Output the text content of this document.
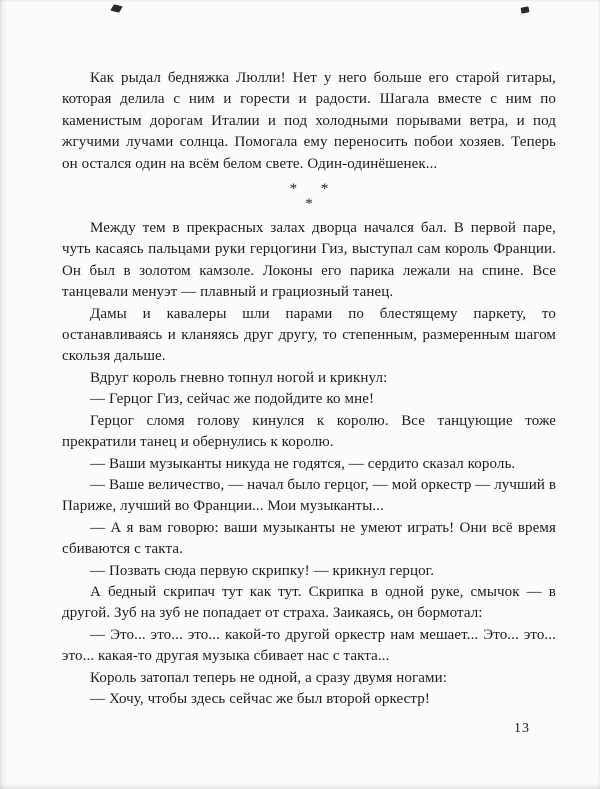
Как рыдал бедняжка Люлли! Нет у него больше его старой гитары, которая делила с ним и горести и радости. Шагала вместе с ним по каменистым дорогам Италии и под холодными порывами ветра, и под жгучими лучами солнца. Помогала ему переносить побои хозяев. Теперь он остался один на всём белом свете. Один-одинёшенек...

* *
*

Между тем в прекрасных залах дворца начался бал. В первой паре, чуть касаясь пальцами руки герцогини Гиз, выступал сам король Франции. Он был в золотом камзоле. Локоны его парика лежали на спине. Все танцевали менуэт — плавный и грациозный танец.

Дамы и кавалеры шли парами по блестящему паркету, то останавливаясь и кланяясь друг другу, то степенным, размеренным шагом скользя дальше.

Вдруг король гневно топнул ногой и крикнул:

— Герцог Гиз, сейчас же подойдите ко мне!

Герцог сломя голову кинулся к королю. Все танцующие тоже прекратили танец и обернулись к королю.

— Ваши музыканты никуда не годятся, — сердито сказал король.

— Ваше величество, — начал было герцог, — мой оркестр — лучший в Париже, лучший во Франции... Мои музыканты...

— А я вам говорю: ваши музыканты не умеют играть! Они всё время сбиваются с такта.

— Позвать сюда первую скрипку! — крикнул герцог.

А бедный скрипач тут как тут. Скрипка в одной руке, смычок — в другой. Зуб на зуб не попадает от страха. Заикаясь, он бормотал:

— Это... это... это... какой-то другой оркестр нам мешает... Это... это... это... какая-то другая музыка сбивает нас с такта...

Король затопал теперь не одной, а сразу двумя ногами:

— Хочу, чтобы здесь сейчас же был второй оркестр!

13
